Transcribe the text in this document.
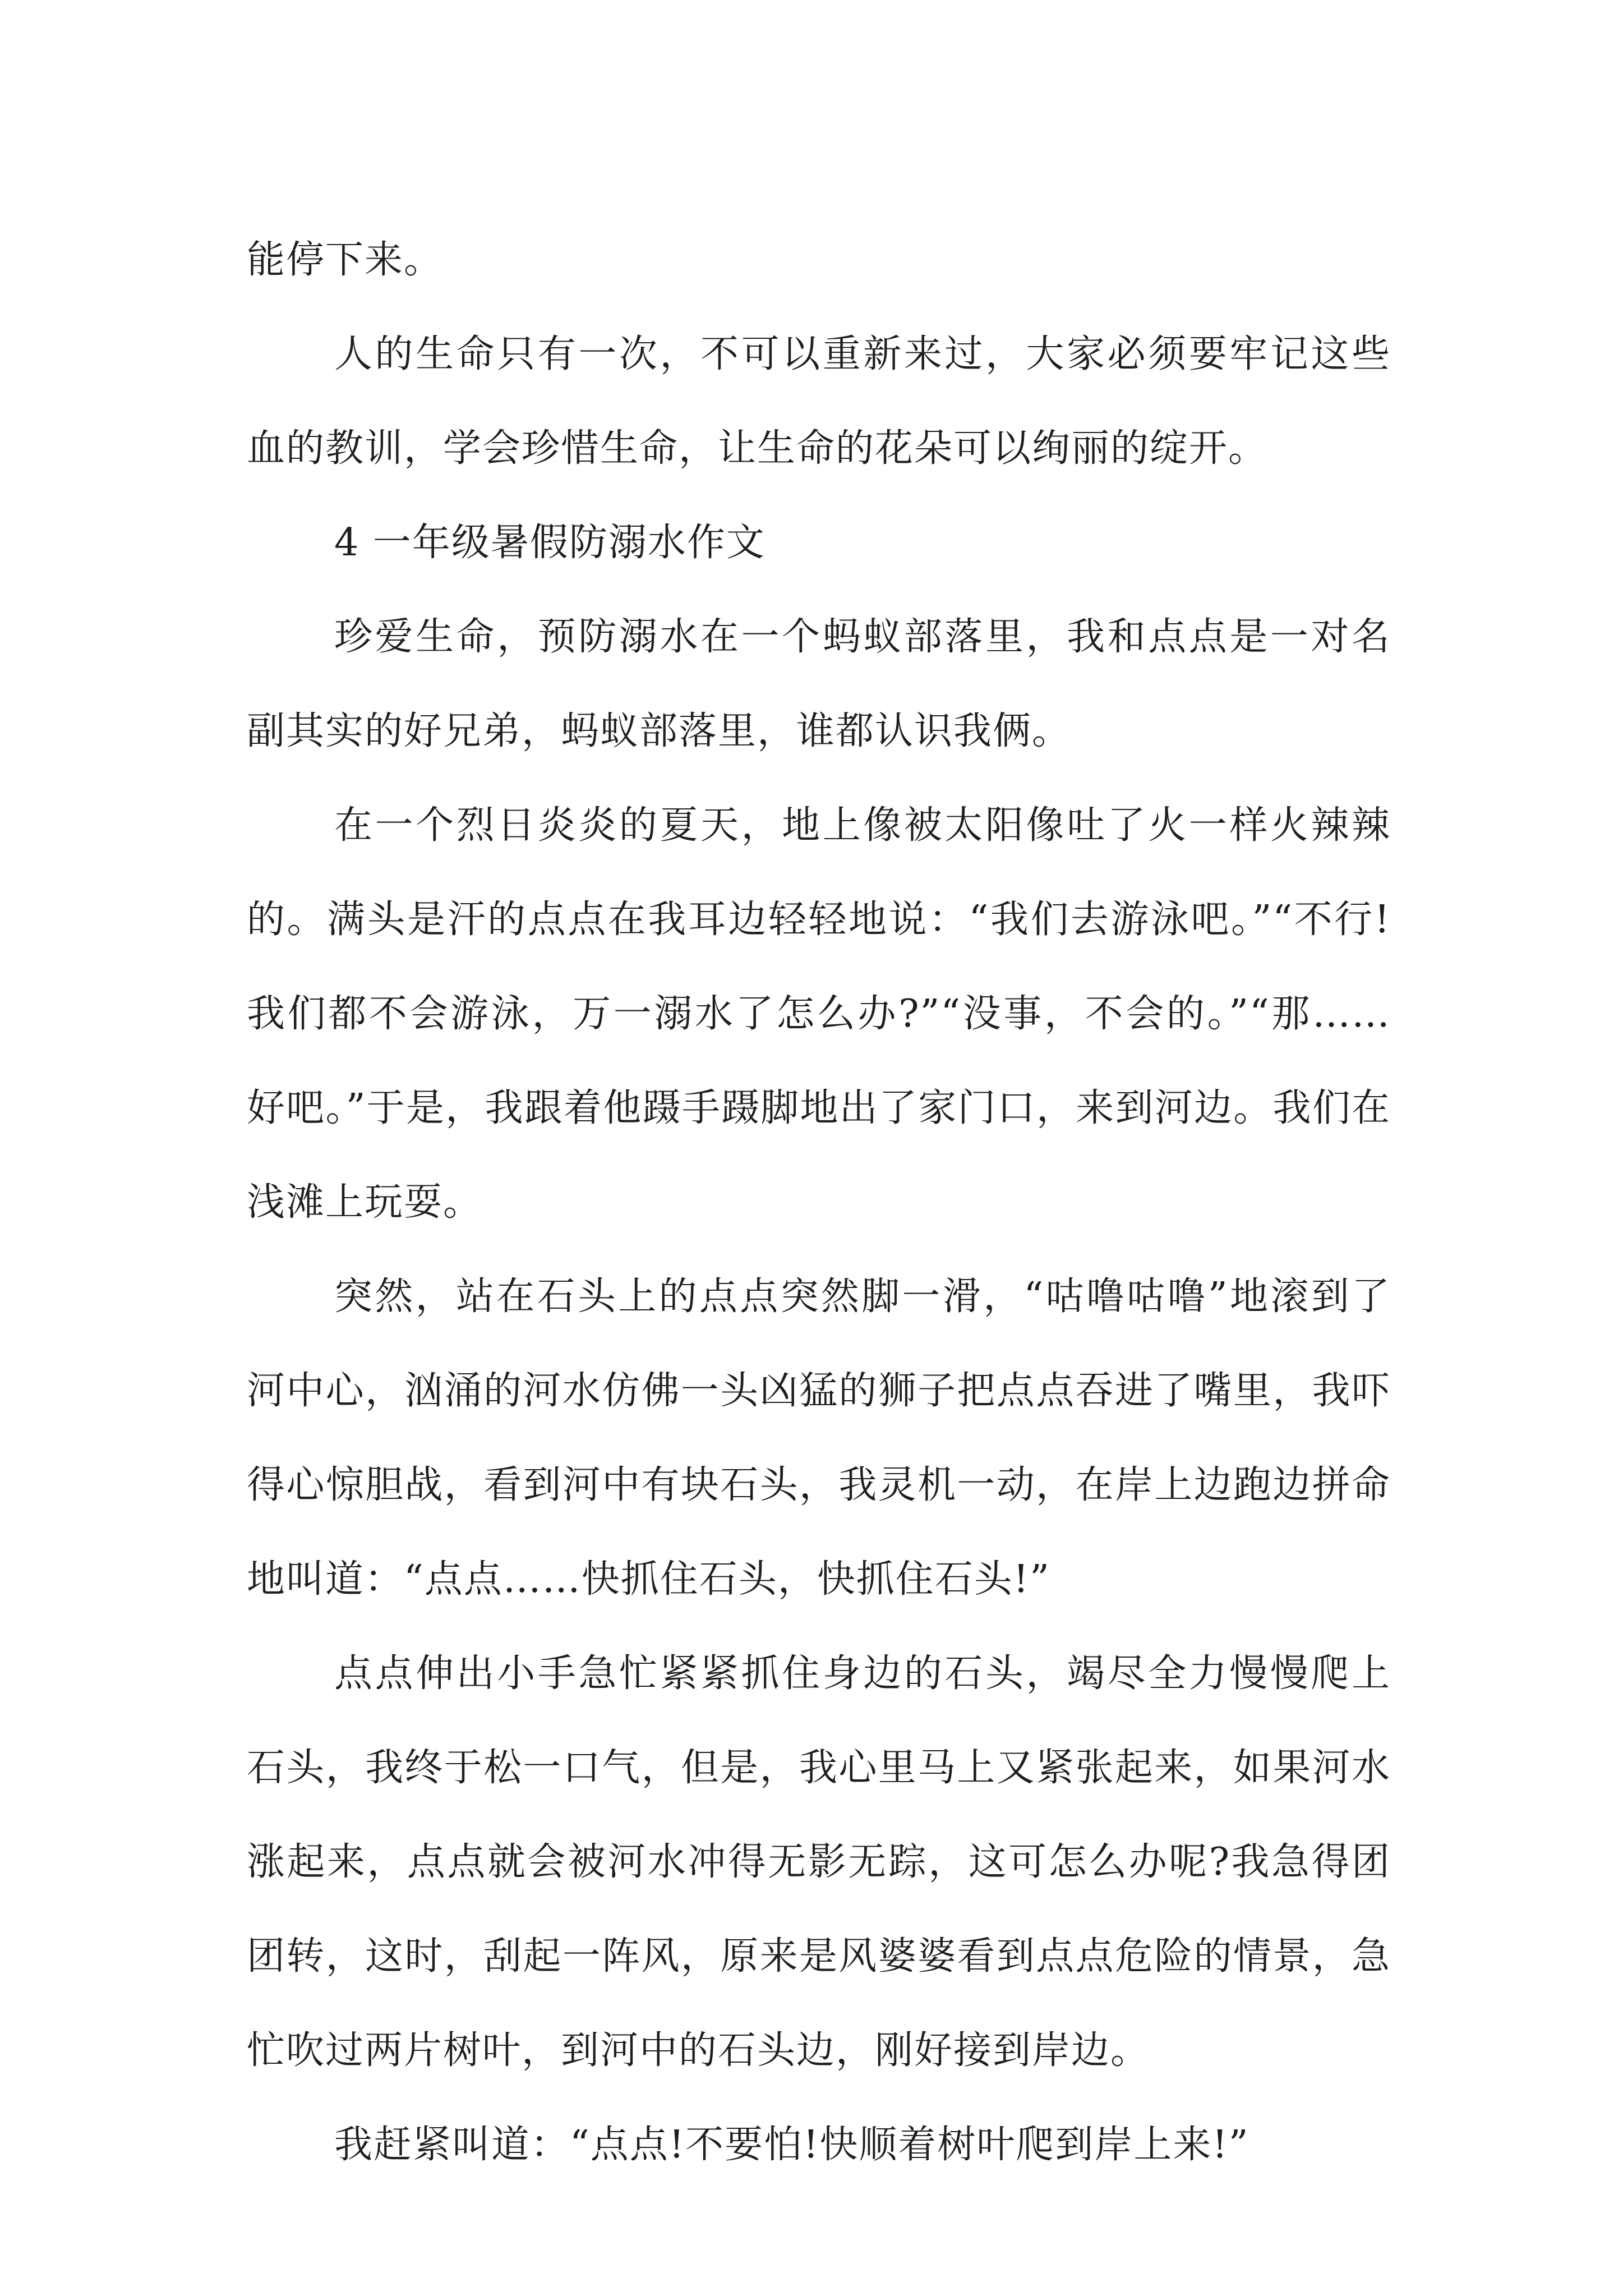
能停下来。

人的生命只有一次，不可以重新来过，大家必须要牢记这些血的教训，学会珍惜生命，让生命的花朵可以绚丽的绽开。

4 一年级暑假防溺水作文

珍爱生命，预防溺水在一个蚂蚁部落里，我和点点是一对名副其实的好兄弟，蚂蚁部落里，谁都认识我俩。

在一个烈日炎炎的夏天，地上像被太阳像吐了火一样火辣辣的。满头是汗的点点在我耳边轻轻地说：“我们去游泳吧。”“不行!我们都不会游泳，万一溺水了怎么办?”“没事，不会的。”“那……好吧。”于是，我跟着他蹑手蹑脚地出了家门口，来到河边。我们在浅滩上玩耍。

突然，站在石头上的点点突然脚一滑，“咕噜咕噜”地滚到了河中心，汹涌的河水仿佛一头凶猛的狮子把点点吞进了嘴里，我吓得心惊胆战，看到河中有块石头，我灵机一动，在岸上边跑边拼命地叫道：“点点……快抓住石头，快抓住石头!”

点点伸出小手急忙紧紧抓住身边的石头，竭尽全力慢慢爬上石头，我终于松一口气，但是，我心里马上又紧张起来，如果河水涨起来，点点就会被河水冲得无影无踪，这可怎么办呢?我急得团团转，这时，刮起一阵风，原来是风婆婆看到点点危险的情景，急忙吹过两片树叶，到河中的石头边，刚好接到岸边。

我赶紧叫道：“点点!不要怕!快顺着树叶爬到岸上来!”
